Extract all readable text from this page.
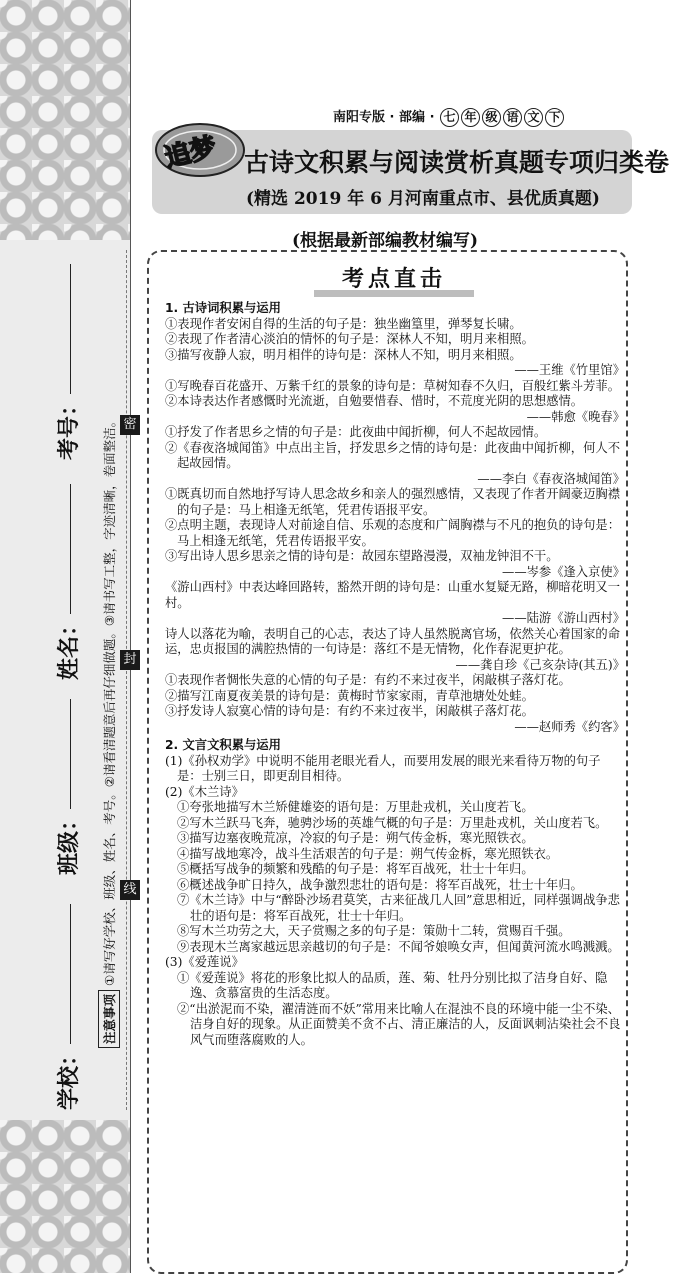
密
封
线
学校：
班级：
姓名：
考号：
注意事项①请写好学校、班级、姓名、考号。②请看清题意后再仔细做题。③请书写工整，字迹清晰，卷面整洁。
南阳专版 · 部编 · 七 年 级 语 文 下
追梦 古诗文积累与阅读赏析真题专项归类卷
(精选 2019 年 6 月河南重点市、县优质真题)
(根据最新部编教材编写)
考点直击

1. 古诗词积累与运用

①表现作者安闲自得的生活的句子是：独坐幽篁里，弹琴复长啸。

②表现了作者清心淡泊的情怀的句子是：深林人不知，明月来相照。

③描写夜静人寂，明月相伴的诗句是：深林人不知，明月来相照。

——王维《竹里馆》

①写晚春百花盛开、万紫千红的景象的诗句是：草树知春不久归，百般红紫斗芳菲。

②本诗表达作者感慨时光流逝，自勉要惜春、惜时，不荒度光阴的思想感情。

——韩愈《晚春》

①抒发了作者思乡之情的句子是：此夜曲中闻折柳，何人不起故园情。

②《春夜洛城闻笛》中点出主旨，抒发思乡之情的诗句是：此夜曲中闻折柳，何人不起故园情。

——李白《春夜洛城闻笛》

①既真切而自然地抒写诗人思念故乡和亲人的强烈感情，又表现了作者开阔豪迈胸襟的句子是：马上相逢无纸笔，凭君传语报平安。

②点明主题，表现诗人对前途自信、乐观的态度和广阔胸襟与不凡的抱负的诗句是：马上相逢无纸笔，凭君传语报平安。

③写出诗人思乡思亲之情的诗句是：故园东望路漫漫，双袖龙钟泪不干。

——岑参《逢入京使》

《游山西村》中表达峰回路转，豁然开朗的诗句是：山重水复疑无路，柳暗花明又一村。

——陆游《游山西村》

诗人以落花为喻，表明自己的心志，表达了诗人虽然脱离官场，依然关心着国家的命运，忠贞报国的满腔热情的一句诗是：落红不是无情物，化作春泥更护花。

——龚自珍《己亥杂诗(其五)》

①表现作者惆怅失意的心情的句子是：有约不来过夜半，闲敲棋子落灯花。

②描写江南夏夜美景的诗句是：黄梅时节家家雨，青草池塘处处蛙。

③抒发诗人寂寞心情的诗句是：有约不来过夜半，闲敲棋子落灯花。

——赵师秀《约客》

2. 文言文积累与运用

(1)《孙权劝学》中说明不能用老眼光看人，而要用发展的眼光来看待万物的句子是：士别三日，即更刮目相待。

(2)《木兰诗》

①夸张地描写木兰矫健雄姿的语句是：万里赴戎机，关山度若飞。

②写木兰跃马飞奔，驰骋沙场的英雄气概的句子是：万里赴戎机，关山度若飞。

③描写边塞夜晚荒凉，冷寂的句子是：朔气传金柝，寒光照铁衣。

④描写战地寒冷，战斗生活艰苦的句子是：朔气传金柝，寒光照铁衣。

⑤概括写战争的频繁和残酷的句子是：将军百战死，壮士十年归。

⑥概述战争旷日持久，战争激烈悲壮的语句是：将军百战死，壮士十年归。

⑦《木兰诗》中与“醉卧沙场君莫笑，古来征战几人回”意思相近，同样强调战争悲壮的语句是：将军百战死，壮士十年归。

⑧写木兰功劳之大，天子赏赐之多的句子是：策勋十二转，赏赐百千强。

⑨表现木兰离家越远思亲越切的句子是：不闻爷娘唤女声，但闻黄河流水鸣溅溅。

(3)《爱莲说》

①《爱莲说》将花的形象比拟人的品质，莲、菊、牡丹分别比拟了洁身自好、隐逸、贪慕富贵的生活态度。

②“出淤泥而不染，濯清涟而不妖”常用来比喻人在混浊不良的环境中能一尘不染、洁身自好的现象。从正面赞美不贪不占、清正廉洁的人，反面讽刺沾染社会不良风气而堕落腐败的人。
